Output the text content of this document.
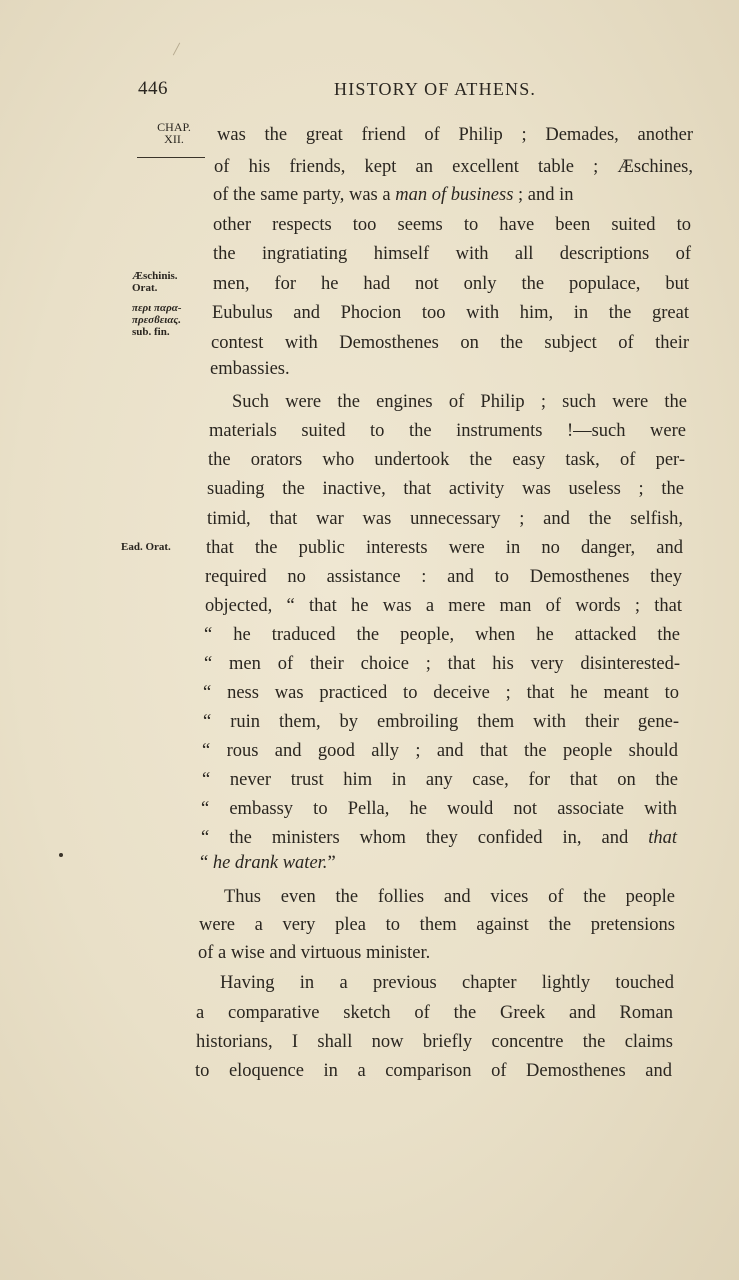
446	HISTORY OF ATHENS.
CHAP.
XII.
Æschinis.
Orat.
περι παρα-
πρεσϐειας.
sub. fin.
Ead. Orat.
was the great friend of Philip ; Demades, another
of his friends, kept an excellent table ; Æschines,
of the same party, was a man of business ; and in
other respects too seems to have been suited to
the ingratiating himself with all descriptions of
men, for he had not only the populace, but
Eubulus and Phocion too with him, in the great
contest with Demosthenes on the subject of their
embassies.
Such were the engines of Philip ; such were the
materials suited to the instruments !—such were
the orators who undertook the easy task, of per-
suading the inactive, that activity was useless ; the
timid, that war was unnecessary ; and the selfish,
that the public interests were in no danger, and
required no assistance : and to Demosthenes they
objected, “ that he was a mere man of words ; that
“ he traduced the people, when he attacked the
“ men of their choice ; that his very disinterested-
“ ness was practiced to deceive ; that he meant to
“ ruin them, by embroiling them with their gene-
“ rous and good ally ; and that the people should
“ never trust him in any case, for that on the
“ embassy to Pella, he would not associate with
“ the ministers whom they confided in, and that
“ he drank water.”
Thus even the follies and vices of the people
were a very plea to them against the pretensions
of a wise and virtuous minister.
Having in a previous chapter lightly touched
a comparative sketch of the Greek and Roman
historians, I shall now briefly concentre the claims
to eloquence in a comparison of Demosthenes and
